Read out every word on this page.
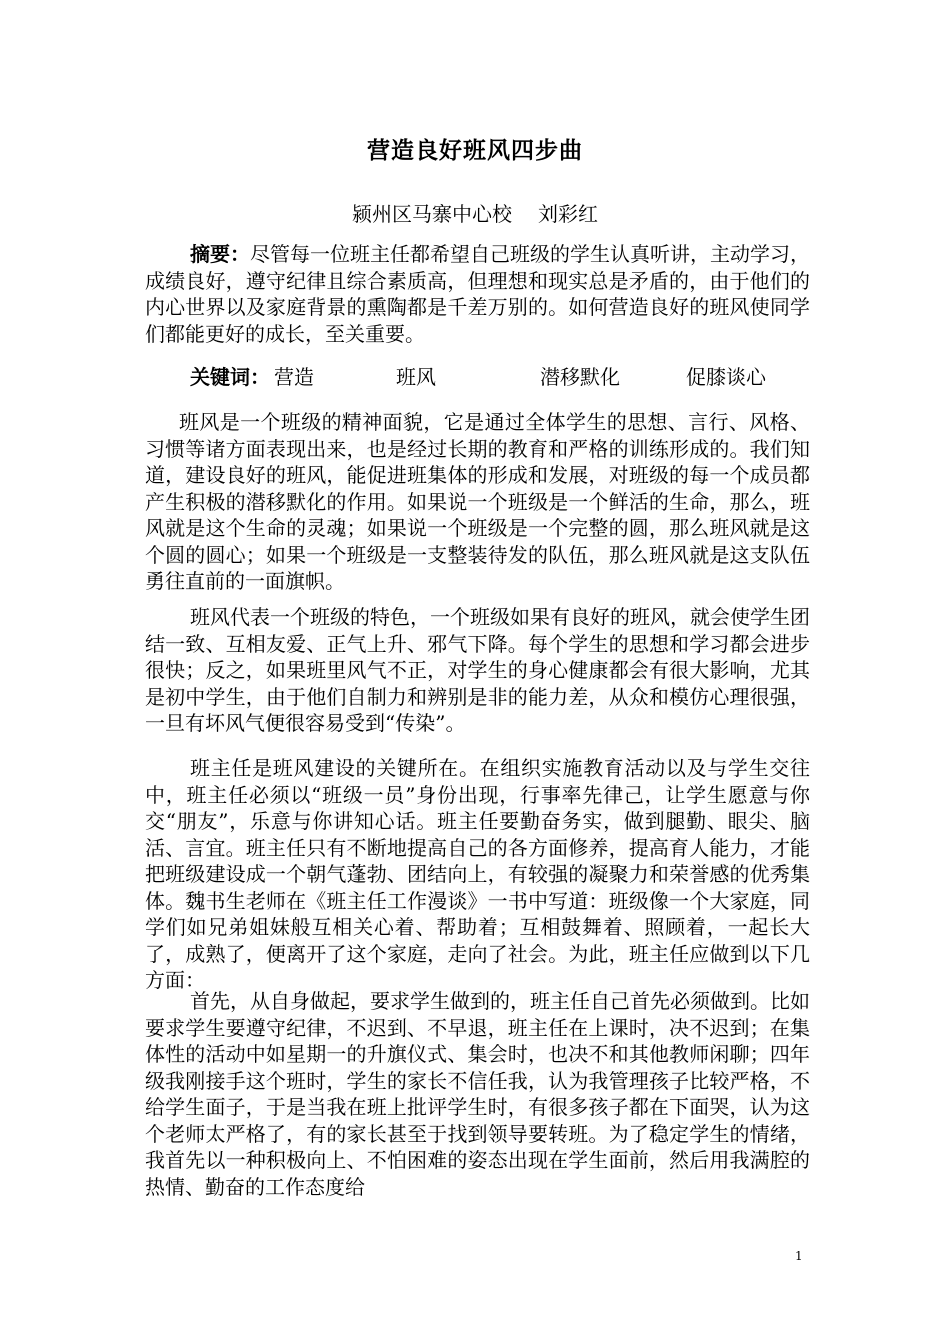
营造良好班风四步曲
颍州区马寨中心校 刘彩红

摘要：尽管每一位班主任都希望自己班级的学生认真听讲，主动学习，成绩良好，遵守纪律且综合素质高，但理想和现实总是矛盾的，由于他们的内心世界以及家庭背景的熏陶都是千差万别的。如何营造良好的班风使同学们都能更好的成长，至关重要。

关键词： 营造	班风	潜移默化	促膝谈心

班风是一个班级的精神面貌，它是通过全体学生的思想、言行、风格、习惯等诸方面表现出来，也是经过长期的教育和严格的训练形成的。我们知道，建设良好的班风，能促进班集体的形成和发展，对班级的每一个成员都产生积极的潜移默化的作用。如果说一个班级是一个鲜活的生命，那么，班风就是这个生命的灵魂；如果说一个班级是一个完整的圆，那么班风就是这个圆的圆心；如果一个班级是一支整装待发的队伍，那么班风就是这支队伍勇往直前的一面旗帜。

班风代表一个班级的特色，一个班级如果有良好的班风，就会使学生团结一致、互相友爱、正气上升、邪气下降。每个学生的思想和学习都会进步很快；反之，如果班里风气不正，对学生的身心健康都会有很大影响，尤其是初中学生，由于他们自制力和辨别是非的能力差，从众和模仿心理很强，一旦有坏风气便很容易受到“传染”。

班主任是班风建设的关键所在。在组织实施教育活动以及与学生交往中，班主任必须以“班级一员”身份出现，行事率先律己，让学生愿意与你交“朋友”，乐意与你讲知心话。班主任要勤奋务实，做到腿勤、眼尖、脑活、言宜。班主任只有不断地提高自己的各方面修养，提高育人能力，才能把班级建设成一个朝气蓬勃、团结向上，有较强的凝聚力和荣誉感的优秀集体。魏书生老师在《班主任工作漫谈》一书中写道：班级像一个大家庭，同学们如兄弟姐妹般互相关心着、帮助着；互相鼓舞着、照顾着，一起长大了，成熟了，便离开了这个家庭，走向了社会。为此，班主任应做到以下几方面：

首先，从自身做起，要求学生做到的，班主任自己首先必须做到。比如要求学生要遵守纪律，不迟到、不早退，班主任在上课时，决不迟到；在集体性的活动中如星期一的升旗仪式、集会时，也决不和其他教师闲聊；四年级我刚接手这个班时，学生的家长不信任我，认为我管理孩子比较严格，不给学生面子，于是当我在班上批评学生时，有很多孩子都在下面哭，认为这个老师太严格了，有的家长甚至于找到领导要转班。为了稳定学生的情绪，我首先以一种积极向上、不怕困难的姿态出现在学生面前，然后用我满腔的热情、勤奋的工作态度给

1
